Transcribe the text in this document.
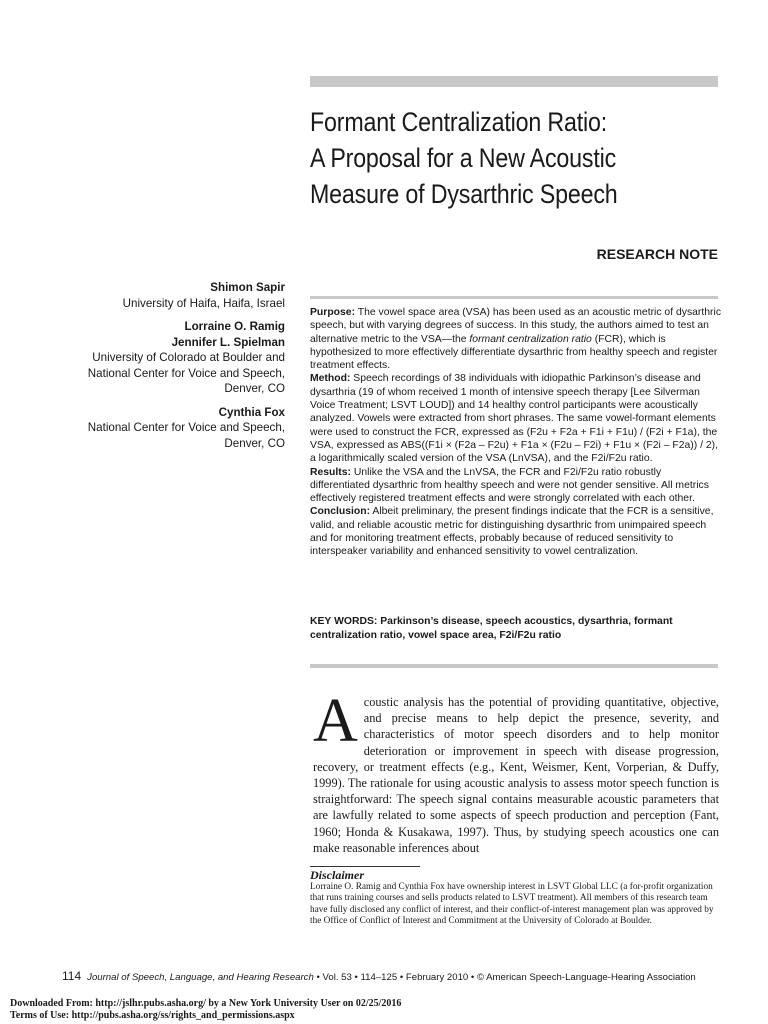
Formant Centralization Ratio:
A Proposal for a New Acoustic
Measure of Dysarthric Speech
RESEARCH NOTE
Shimon Sapir
University of Haifa, Haifa, Israel
Lorraine O. Ramig
Jennifer L. Spielman
University of Colorado at Boulder and
National Center for Voice and Speech,
Denver, CO
Cynthia Fox
National Center for Voice and Speech,
Denver, CO

Purpose: The vowel space area (VSA) has been used as an acoustic metric of dysarthric speech, but with varying degrees of success. In this study, the authors aimed to test an alternative metric to the VSA—the formant centralization ratio (FCR), which is hypothesized to more effectively differentiate dysarthric from healthy speech and register treatment effects.

Method: Speech recordings of 38 individuals with idiopathic Parkinson’s disease and dysarthria (19 of whom received 1 month of intensive speech therapy [Lee Silverman Voice Treatment; LSVT LOUD]) and 14 healthy control participants were acoustically analyzed. Vowels were extracted from short phrases. The same vowel-formant elements were used to construct the FCR, expressed as (F2u + F2a + F1i + F1u) / (F2i + F1a), the VSA, expressed as ABS((F1i × (F2a – F2u) + F1a × (F2u – F2i) + F1u × (F2i – F2a)) / 2), a logarithmically scaled version of the VSA (LnVSA), and the F2i/F2u ratio.

Results: Unlike the VSA and the LnVSA, the FCR and F2i/F2u ratio robustly differentiated dysarthric from healthy speech and were not gender sensitive. All metrics effectively registered treatment effects and were strongly correlated with each other.

Conclusion: Albeit preliminary, the present findings indicate that the FCR is a sensitive, valid, and reliable acoustic metric for distinguishing dysarthric from unimpaired speech and for monitoring treatment effects, probably because of reduced sensitivity to interspeaker variability and enhanced sensitivity to vowel centralization.

KEY WORDS: Parkinson’s disease, speech acoustics, dysarthria, formant centralization ratio, vowel space area, F2i/F2u ratio
Acoustic analysis has the potential of providing quantitative, objective, and precise means to help depict the presence, severity, and characteristics of motor speech disorders and to help monitor deterioration or improvement in speech with disease progression, recovery, or treatment effects (e.g., Kent, Weismer, Kent, Vorperian, & Duffy, 1999). The rationale for using acoustic analysis to assess motor speech function is straightforward: The speech signal contains measurable acoustic parameters that are lawfully related to some aspects of speech production and perception (Fant, 1960; Honda & Kusakawa, 1997). Thus, by studying speech acoustics one can make reasonable inferences about
Disclaimer
Lorraine O. Ramig and Cynthia Fox have ownership interest in LSVT Global LLC (a for-profit organization that runs training courses and sells products related to LSVT treatment). All members of this research team have fully disclosed any conflict of interest, and their conflict-of-interest management plan was approved by the Office of Conflict of Interest and Commitment at the University of Colorado at Boulder.
114 Journal of Speech, Language, and Hearing Research • Vol. 53 • 114–125 • February 2010 • © American Speech-Language-Hearing Association
Downloaded From: http://jslhr.pubs.asha.org/ by a New York University User on 02/25/2016
Terms of Use: http://pubs.asha.org/ss/rights_and_permissions.aspx
